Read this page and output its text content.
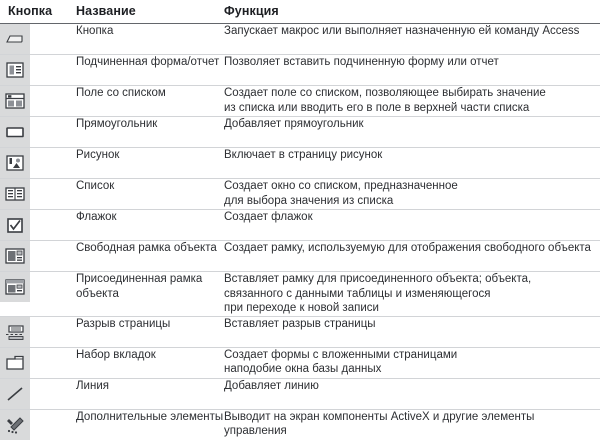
Кнопка	Название	Функция

	Кнопка	Запускает макрос или выполняет назначенную ей команду Access

	Подчиненная форма/отчет	Позволяет вставить подчиненную форму или отчет

	Поле со списком	Создает поле со списком, позволяющее выбирать значение
из списка или вводить его в поле в верхней части списка

	Прямоугольник	Добавляет прямоугольник

	Рисунок	Включает в страницу рисунок

	Список	Создает окно со списком, предназначенное
для выбора значения из списка

	Флажок	Создает флажок

	Свободная рамка объекта	Создает рамку, используемую для отображения свободного объекта

	Присоединенная рамка объекта	Вставляет рамку для присоединенного объекта; объекта,
связанного с данными таблицы и изменяющегося
при переходе к новой записи

	Разрыв страницы	Вставляет разрыв страницы

	Набор вкладок	Создает формы с вложенными страницами
наподобие окна базы данных

	Линия	Добавляет линию

	Дополнительные элементы	Выводит на экран компоненты ActiveX и другие элементы
управления
